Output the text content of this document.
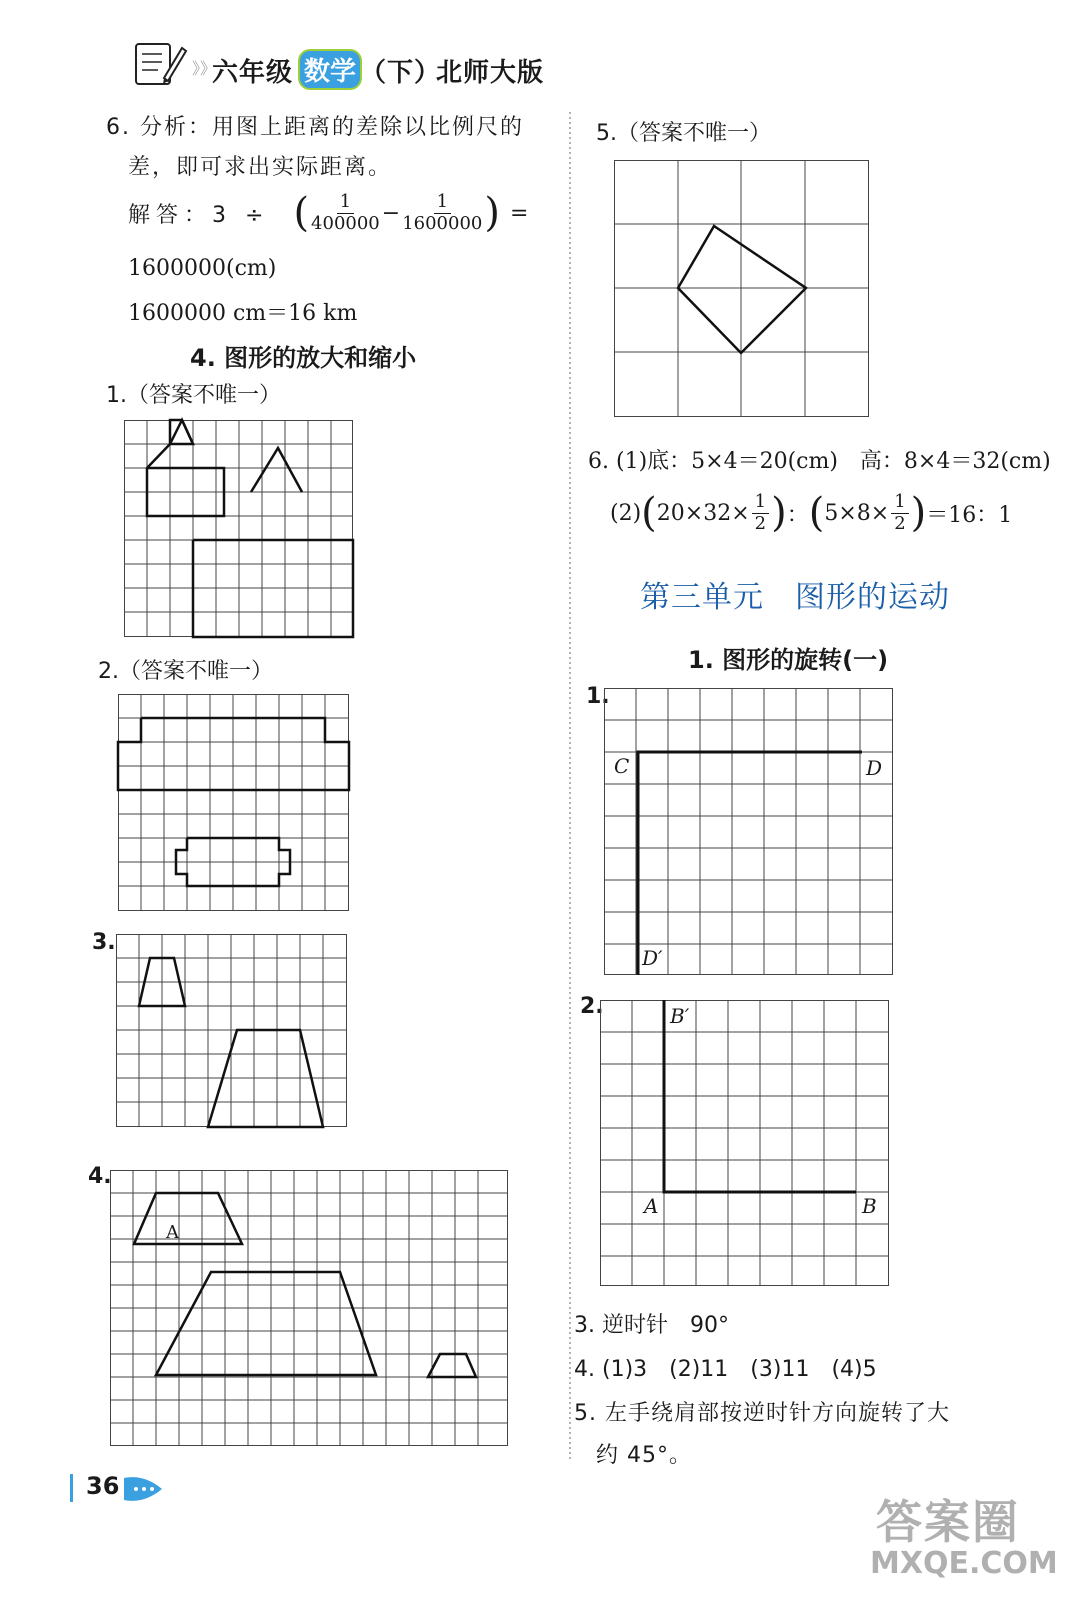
》》
六年级 数学 （下）
北师大版
6. 分析：用图上距离的差除以比例尺的
差，即可求出实际距离。
解答：3 ÷ ( $\frac{1}{400000} - \frac{1}{1600000}$ ) =
1600000(cm)
1600000 cm＝16 km
4. 图形的放大和缩小
1.（答案不唯一）
2.（答案不唯一）
3.
4.
A
5.（答案不唯一）
6. (1)底：5×4＝20(cm)　高：8×4＝32(cm)
(2) ( $20\times 32\times \frac{1}{2}$ ) ： ( $5\times 8\times \frac{1}{2}$ ) ＝16：1
第三单元　图形的运动
1. 图形的旋转(一)
1.
C	D
D′
2.	B′
A	B
3. 逆时针　90°
4. (1)3　(2)11　(3)11　(4)5
5. 左手绕肩部按逆时针方向旋转了大
约 45°。
36
答案圈
MXQE.COM
